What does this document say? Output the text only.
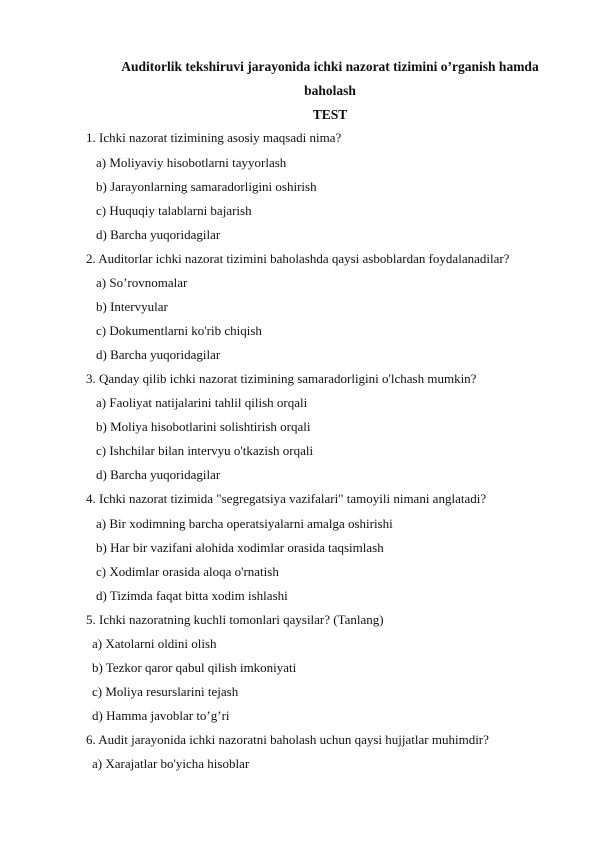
Auditorlik tekshiruvi jarayonida ichki nazorat tizimini o’rganish hamda
baholash
TEST
1. Ichki nazorat tizimining asosiy maqsadi nima?
a) Moliyaviy hisobotlarni tayyorlash
b) Jarayonlarning samaradorligini oshirish
c) Huquqiy talablarni bajarish
d) Barcha yuqoridagilar
2. Auditorlar ichki nazorat tizimini baholashda qaysi asboblardan foydalanadilar?
a) So’rovnomalar
b) Intervyular
c) Dokumentlarni ko'rib chiqish
d) Barcha yuqoridagilar
3. Qanday qilib ichki nazorat tizimining samaradorligini o'lchash mumkin?
a) Faoliyat natijalarini tahlil qilish orqali
b) Moliya hisobotlarini solishtirish orqali
c) Ishchilar bilan intervyu o'tkazish orqali
d) Barcha yuqoridagilar
4. Ichki nazorat tizimida "segregatsiya vazifalari" tamoyili nimani anglatadi?
a) Bir xodimning barcha operatsiyalarni amalga oshirishi
b) Har bir vazifani alohida xodimlar orasida taqsimlash
c) Xodimlar orasida aloqa o'rnatish
d) Tizimda faqat bitta xodim ishlashi
5. Ichki nazoratning kuchli tomonlari qaysilar? (Tanlang)
a) Xatolarni oldini olish
b) Tezkor qaror qabul qilish imkoniyati
c) Moliya resurslarini tejash
d) Hamma javoblar to’g’ri
6. Audit jarayonida ichki nazoratni baholash uchun qaysi hujjatlar muhimdir?
a) Xarajatlar bo'yicha hisoblar
